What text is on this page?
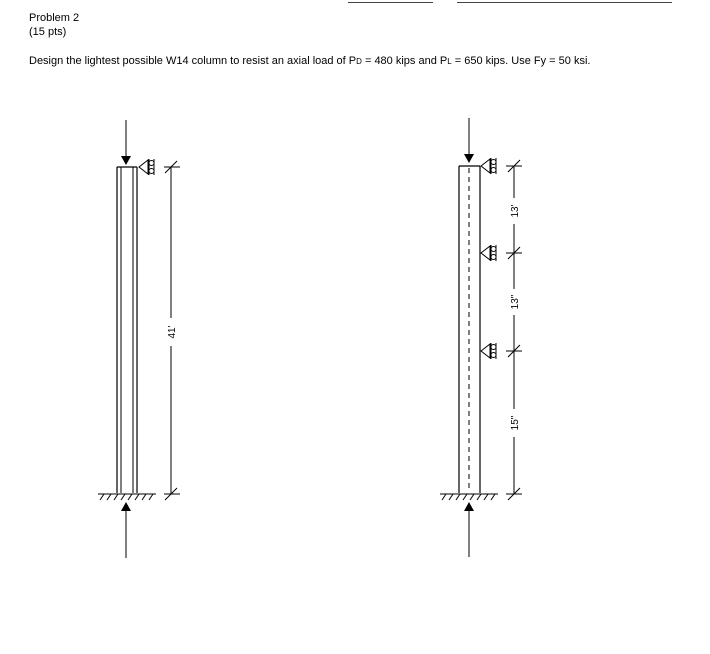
Problem 2
(15 pts)
Design the lightest possible W14 column to resist an axial load of PD = 480 kips and PL = 650 kips. Use Fy = 50 ksi.
41'
13'
13"
15"
